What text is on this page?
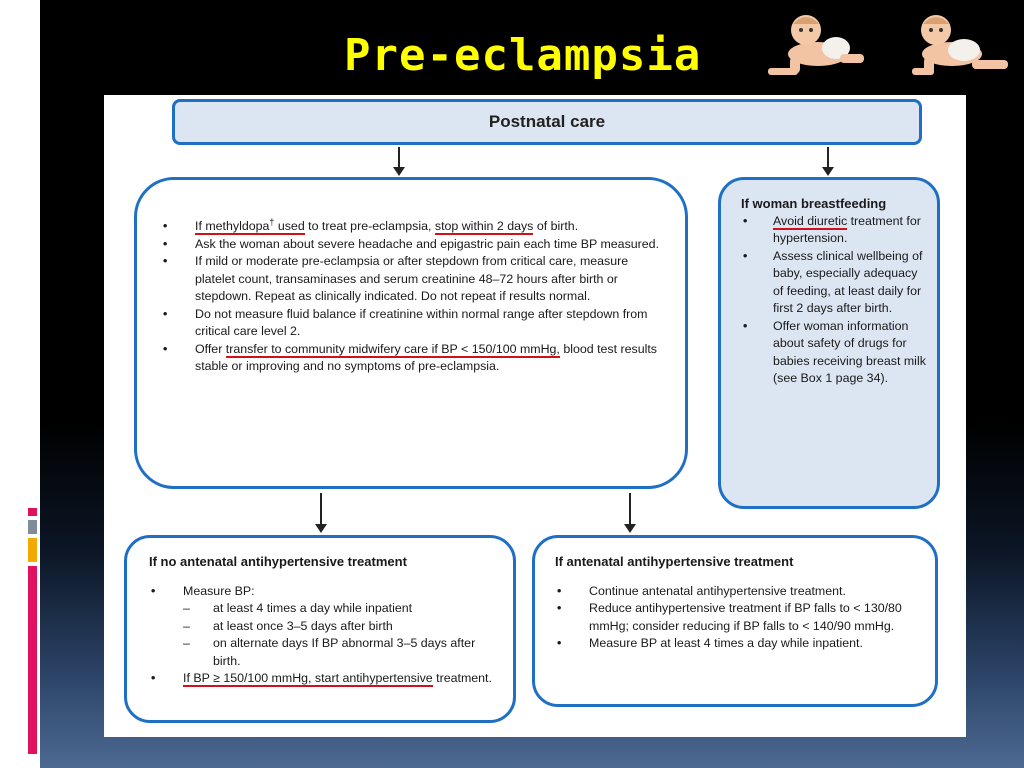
Pre-eclampsia
Postnatal care
• If methyldopa† used to treat pre-eclampsia, stop within 2 days of birth.
• Ask the woman about severe headache and epigastric pain each time BP measured.
• If mild or moderate pre-eclampsia or after stepdown from critical care, measure platelet count, transaminases and serum creatinine 48–72 hours after birth or stepdown. Repeat as clinically indicated. Do not repeat if results normal.
• Do not measure fluid balance if creatinine within normal range after stepdown from critical care level 2.
• Offer transfer to community midwifery care if BP < 150/100 mmHg, blood test results stable or improving and no symptoms of pre-eclampsia.
If woman breastfeeding
• Avoid diuretic treatment for hypertension.
• Assess clinical wellbeing of baby, especially adequacy of feeding, at least daily for first 2 days after birth.
• Offer woman information about safety of drugs for babies receiving breast milk (see Box 1 page 34).
If no antenatal antihypertensive treatment
• Measure BP:
– at least 4 times a day while inpatient
– at least once 3–5 days after birth
– on alternate days If BP abnormal 3–5 days after birth.
• If BP ≥ 150/100 mmHg, start antihypertensive treatment.
If antenatal antihypertensive treatment
• Continue antenatal antihypertensive treatment.
• Reduce antihypertensive treatment if BP falls to < 130/80 mmHg; consider reducing if BP falls to < 140/90 mmHg.
• Measure BP at least 4 times a day while inpatient.
